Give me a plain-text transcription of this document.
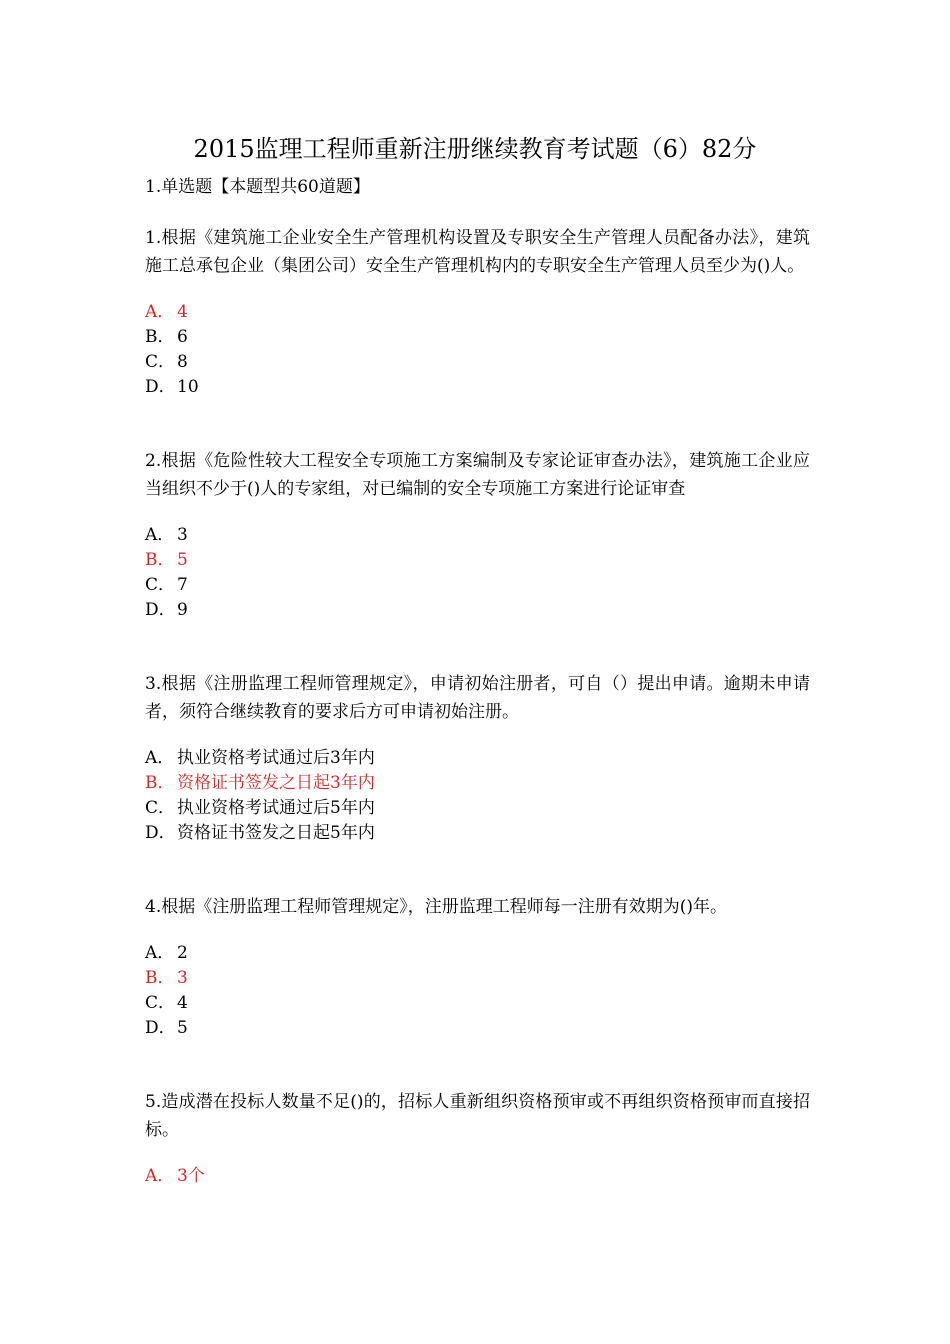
2015监理工程师重新注册继续教育考试题（6）82分
1.单选题【本题型共60道题】

1.根据《建筑施工企业安全生产管理机构设置及专职安全生产管理人员配备办法》，建筑施工总承包企业（集团公司）安全生产管理机构内的专职安全生产管理人员至少为()人。

A． 4
B． 6
C． 8
D．10

2.根据《危险性较大工程安全专项施工方案编制及专家论证审查办法》，建筑施工企业应当组织不少于()人的专家组，对已编制的安全专项施工方案进行论证审查

A． 3
B． 5
C． 7
D．9

3.根据《注册监理工程师管理规定》，申请初始注册者，可自（）提出申请。逾期未申请者，须符合继续教育的要求后方可申请初始注册。

A． 执业资格考试通过后3年内
B． 资格证书签发之日起3年内
C． 执业资格考试通过后5年内
D．资格证书签发之日起5年内

4.根据《注册监理工程师管理规定》，注册监理工程师每一注册有效期为()年。

A． 2
B． 3
C． 4
D．5

5.造成潜在投标人数量不足()的，招标人重新组织资格预审或不再组织资格预审而直接招标。

A． 3个
